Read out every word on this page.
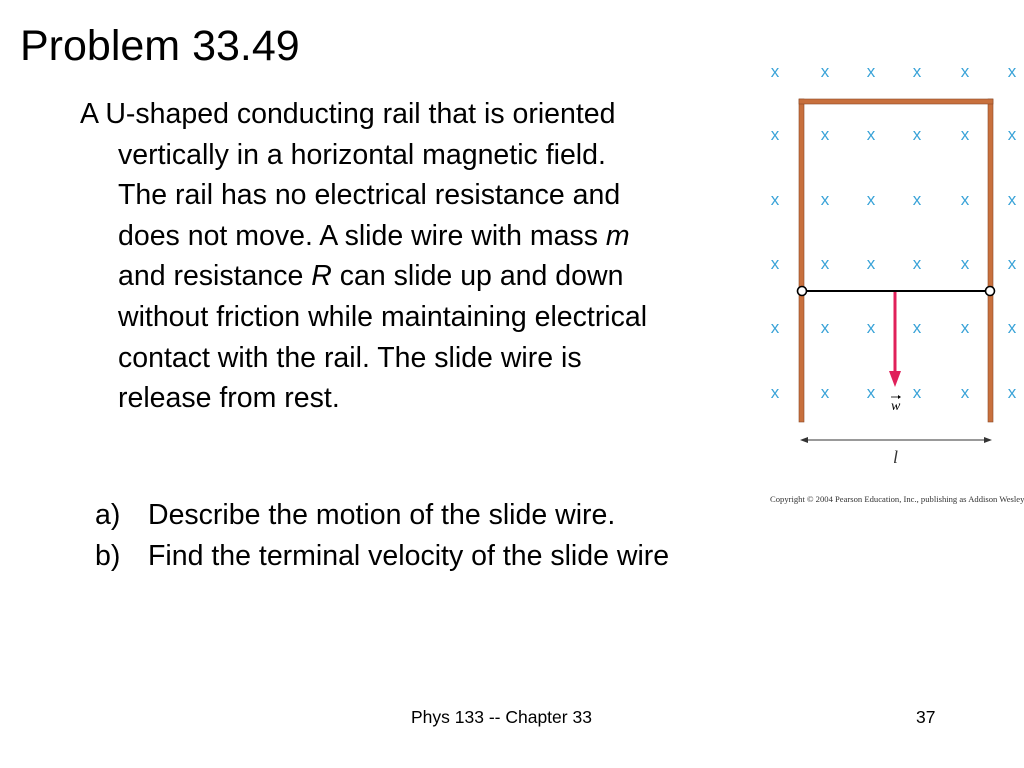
Problem 33.49
A U-shaped conducting rail that is oriented
vertically in a horizontal magnetic field.
The rail has no electrical resistance and
does not move. A slide wire with mass m
and resistance R can slide up and down
without friction while maintaining electrical
contact with the rail. The slide wire is
release from rest.
a) Describe the motion of the slide wire.
b) Find the terminal velocity of the slide wire
x x x x x x
x x x x x x
x x x x x x
x x x x x x
x x x x x x
x x x x x x
w
l
Copyright © 2004 Pearson Education, Inc., publishing as Addison Wesley
Phys 133 -- Chapter 33	37
